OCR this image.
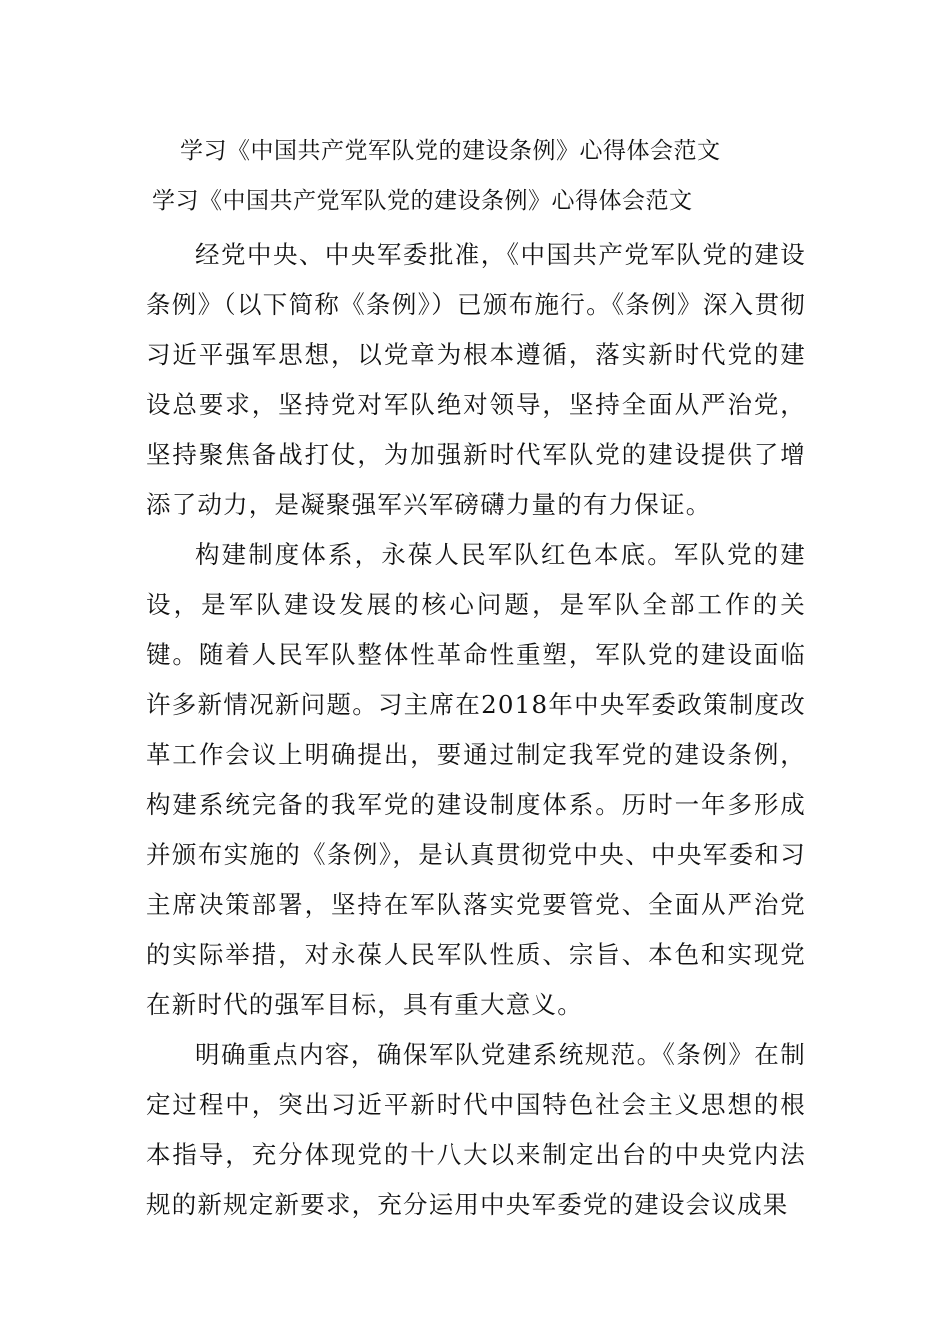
学习《中国共产党军队党的建设条例》心得体会范文
学习《中国共产党军队党的建设条例》心得体会范文

经党中央、中央军委批准，《中国共产党军队党的建设条例》（以下简称《条例》）已颁布施行。《条例》深入贯彻习近平强军思想，以党章为根本遵循，落实新时代党的建设总要求，坚持党对军队绝对领导，坚持全面从严治党，坚持聚焦备战打仗，为加强新时代军队党的建设提供了增添了动力，是凝聚强军兴军磅礴力量的有力保证。

构建制度体系，永葆人民军队红色本底。军队党的建设，是军队建设发展的核心问题，是军队全部工作的关键。随着人民军队整体性革命性重塑，军队党的建设面临许多新情况新问题。习主席在2018年中央军委政策制度改革工作会议上明确提出，要通过制定我军党的建设条例，构建系统完备的我军党的建设制度体系。历时一年多形成并颁布实施的《条例》，是认真贯彻党中央、中央军委和习主席决策部署，坚持在军队落实党要管党、全面从严治党的实际举措，对永葆人民军队性质、宗旨、本色和实现党在新时代的强军目标，具有重大意义。

明确重点内容，确保军队党建系统规范。《条例》在制定过程中，突出习近平新时代中国特色社会主义思想的根本指导，充分体现党的十八大以来制定出台的中央党内法规的新规定新要求，充分运用中央军委党的建设会议成果
